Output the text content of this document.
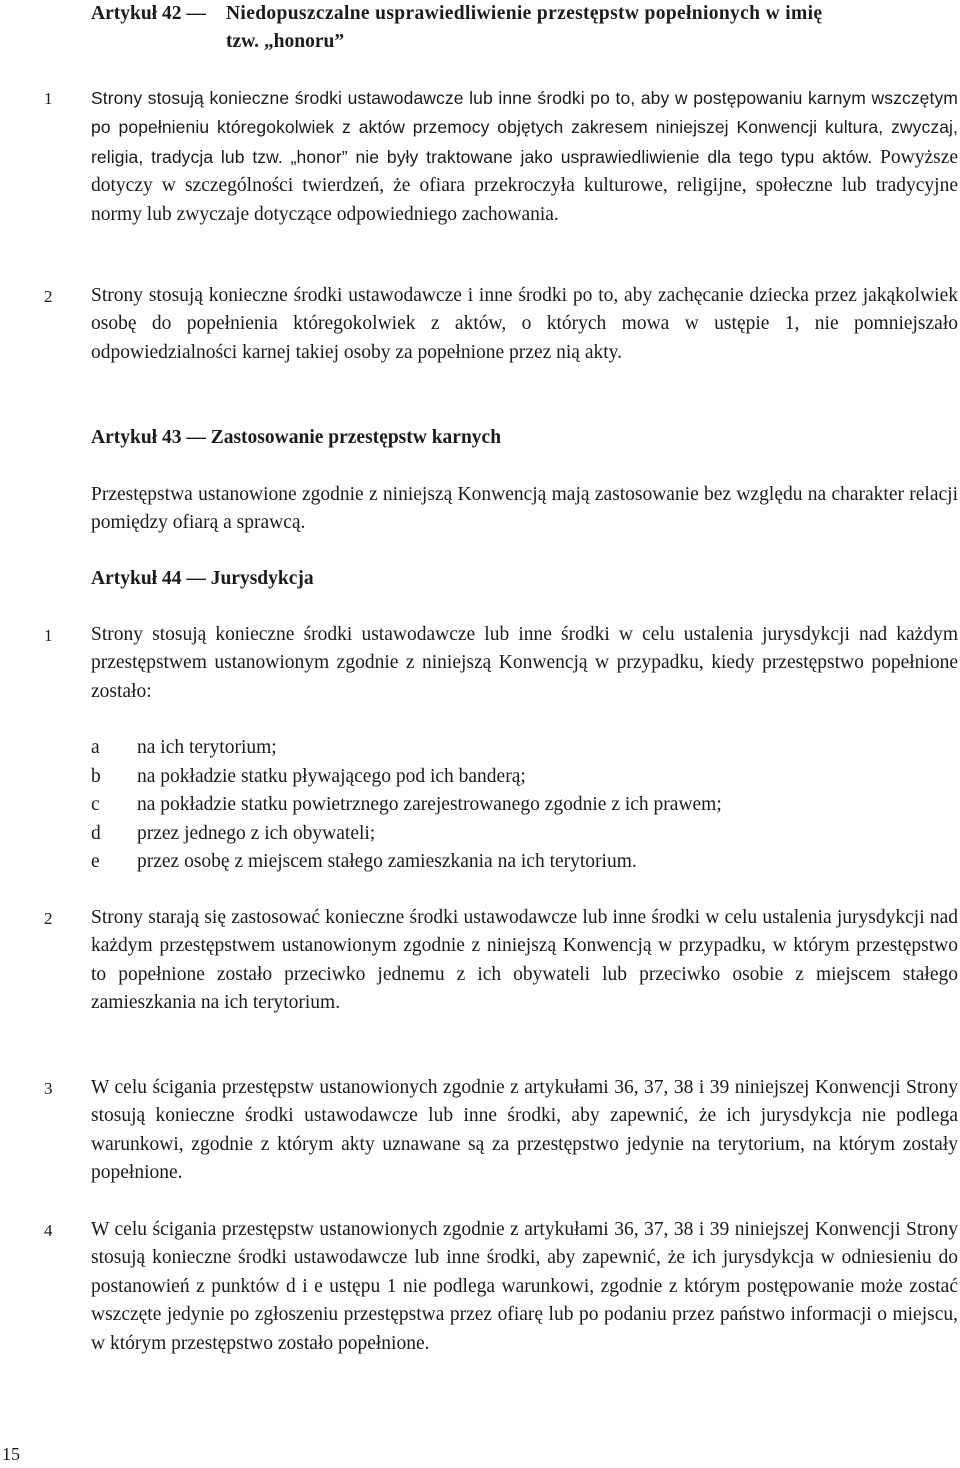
Artykuł 42 — Niedopuszczalne usprawiedliwienie przestępstw popełnionych w imię
tzw. „honoru”
1 Strony stosują konieczne środki ustawodawcze lub inne środki po to, aby w postępowaniu karnym wszczętym po popełnieniu któregokolwiek z aktów przemocy objętych zakresem niniejszej Konwencji kultura, zwyczaj, religia, tradycja lub tzw. „honor” nie były traktowane jako usprawiedliwienie dla tego typu aktów. Powyższe dotyczy w szczególności twierdzeń, że ofiara przekroczyła kulturowe, religijne, społeczne lub tradycyjne normy lub zwyczaje dotyczące odpowiedniego zachowania.
2 Strony stosują konieczne środki ustawodawcze i inne środki po to, aby zachęcanie dziecka przez jakąkolwiek osobę do popełnienia któregokolwiek z aktów, o których mowa w ustępie 1, nie pomniejszało odpowiedzialności karnej takiej osoby za popełnione przez nią akty.
Artykuł 43 — Zastosowanie przestępstw karnych
Przestępstwa ustanowione zgodnie z niniejszą Konwencją mają zastosowanie bez względu na charakter relacji pomiędzy ofiarą a sprawcą.
Artykuł 44 — Jurysdykcja
1 Strony stosują konieczne środki ustawodawcze lub inne środki w celu ustalenia jurysdykcji nad każdym przestępstwem ustanowionym zgodnie z niniejszą Konwencją w przypadku, kiedy przestępstwo popełnione zostało:
a na ich terytorium;
b na pokładzie statku pływającego pod ich banderą;
c na pokładzie statku powietrznego zarejestrowanego zgodnie z ich prawem;
d przez jednego z ich obywateli;
e przez osobę z miejscem stałego zamieszkania na ich terytorium.
2 Strony starają się zastosować konieczne środki ustawodawcze lub inne środki w celu ustalenia jurysdykcji nad każdym przestępstwem ustanowionym zgodnie z niniejszą Konwencją w przypadku, w którym przestępstwo to popełnione zostało przeciwko jednemu z ich obywateli lub przeciwko osobie z miejscem stałego zamieszkania na ich terytorium.
3 W celu ścigania przestępstw ustanowionych zgodnie z artykułami 36, 37, 38 i 39 niniejszej Konwencji Strony stosują konieczne środki ustawodawcze lub inne środki, aby zapewnić, że ich jurysdykcja nie podlega warunkowi, zgodnie z którym akty uznawane są za przestępstwo jedynie na terytorium, na którym zostały popełnione.
4 W celu ścigania przestępstw ustanowionych zgodnie z artykułami 36, 37, 38 i 39 niniejszej Konwencji Strony stosują konieczne środki ustawodawcze lub inne środki, aby zapewnić, że ich jurysdykcja w odniesieniu do postanowień z punktów d i e ustępu 1 nie podlega warunkowi, zgodnie z którym postępowanie może zostać wszczęte jedynie po zgłoszeniu przestępstwa przez ofiarę lub po podaniu przez państwo informacji o miejscu, w którym przestępstwo zostało popełnione.
15
